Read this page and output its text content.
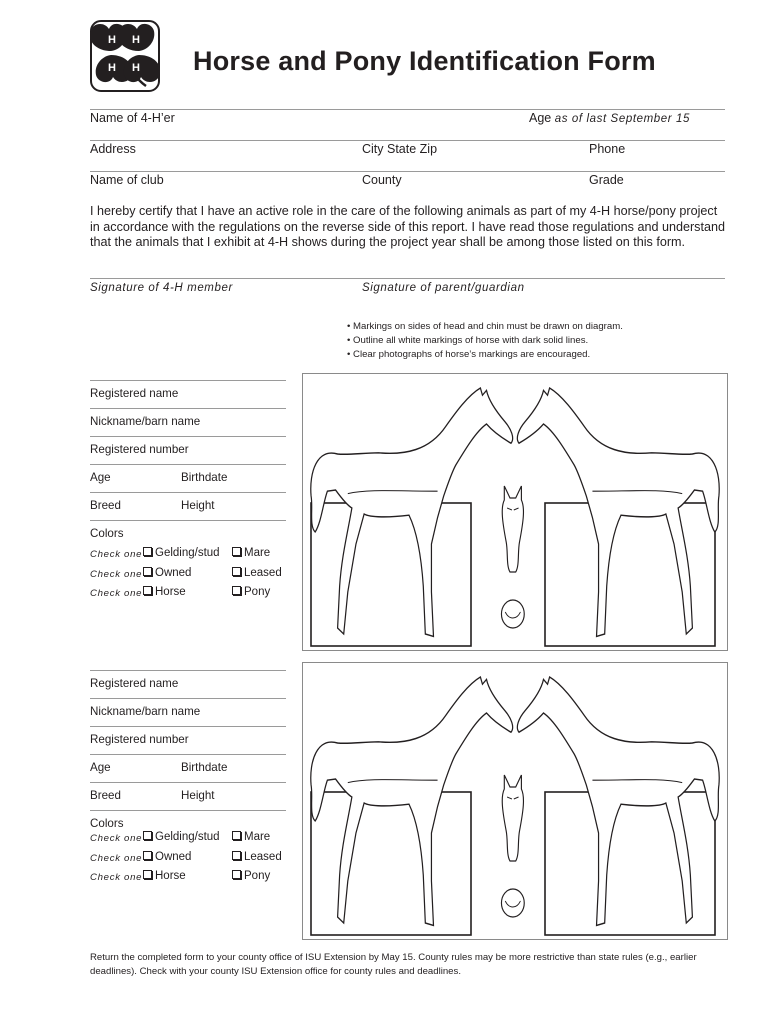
H H
H H Horse and Pony Identification Form
Name of 4-H’er	Age as of last September 15
Address	City State Zip	Phone
Name of club	County	Grade
I hereby certify that I have an active role in the care of the following animals as part of my 4-H horse/pony project in accordance with the regulations on the reverse side of this report. I have read those regulations and understand that the animals that I exhibit at 4-H shows during the project year shall be among those listed on this form.
Signature of 4-H member	Signature of parent/guardian
• Markings on sides of head and chin must be drawn on diagram.
• Outline all white markings of horse with dark solid lines.
• Clear photographs of horse’s markings are encouraged.
Registered name
Nickname/barn name
Registered number
Age	Birthdate
Breed	Height
Colors
Check one	Gelding/stud	Mare
Check one	Owned	Leased
Check one	Horse	Pony
Registered name
Nickname/barn name
Registered number
Age	Birthdate
Breed	Height
Colors
Check one	Gelding/stud	Mare
Check one	Owned	Leased
Check one	Horse	Pony
Return the completed form to your county office of ISU Extension by May 15. County rules may be more restrictive than state rules (e.g., earlier deadlines). Check with your county ISU Extension office for county rules and deadlines.
